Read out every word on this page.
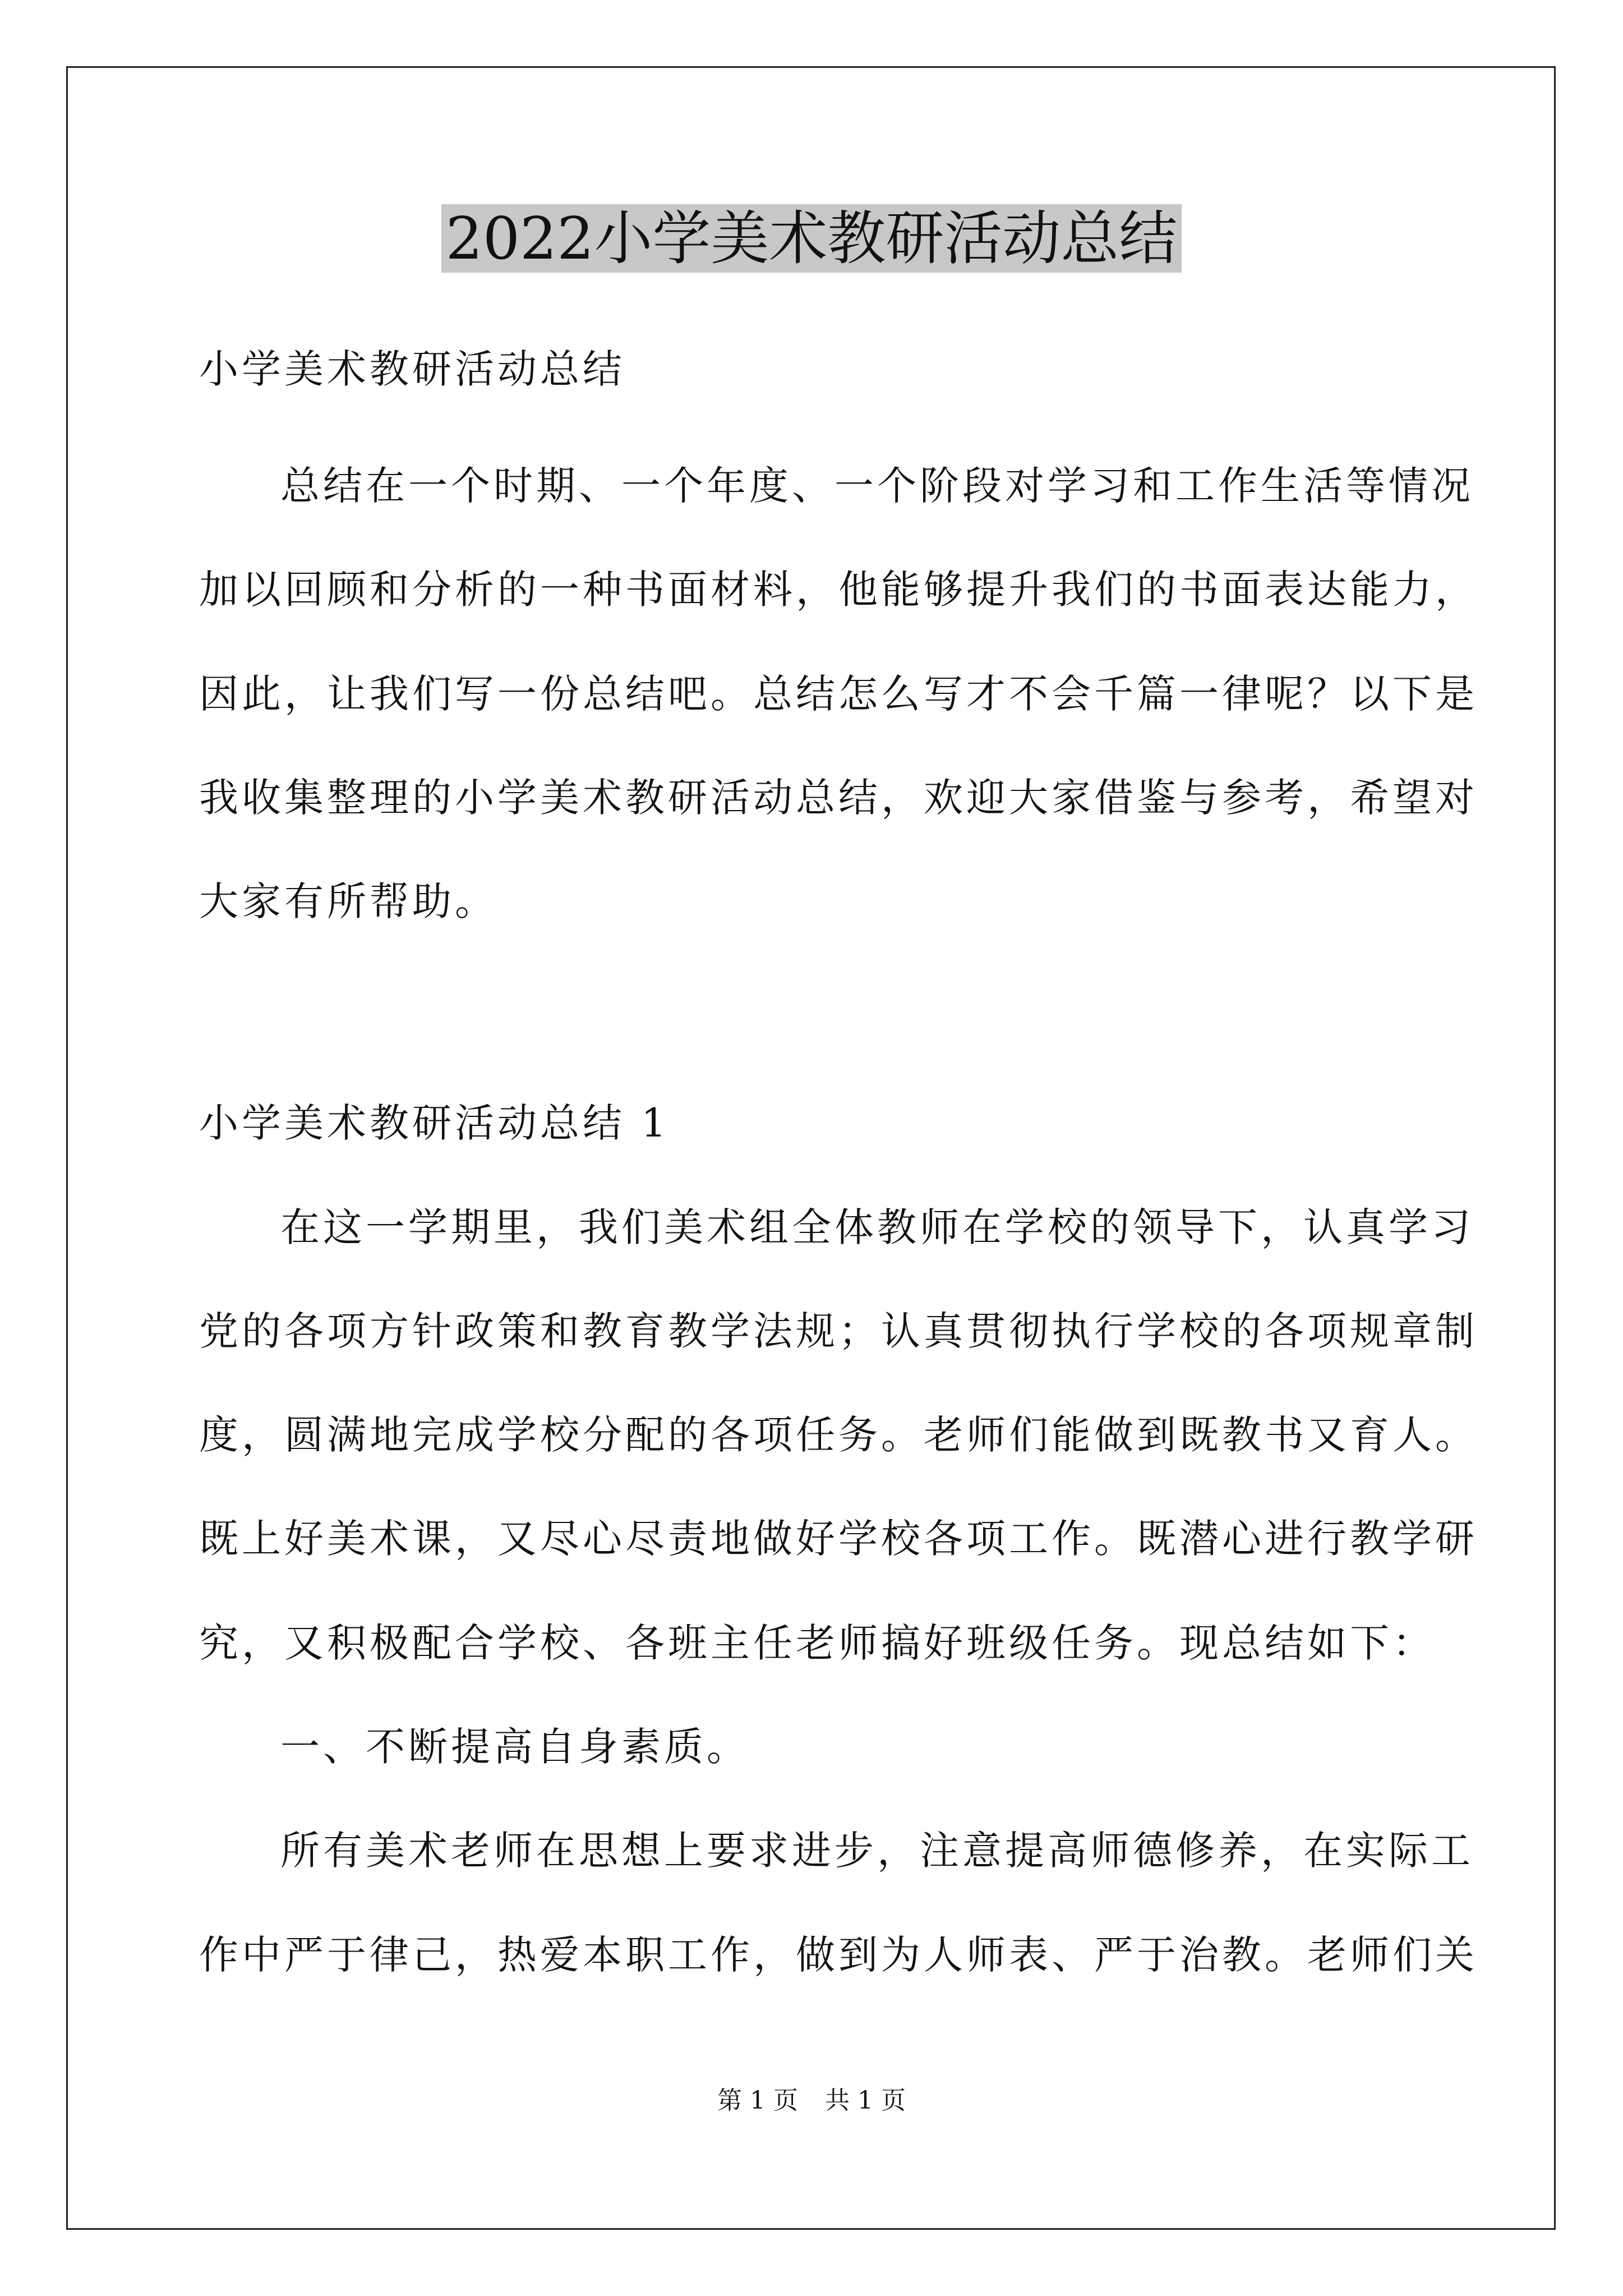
2022小学美术教研活动总结

小学美术教研活动总结

总结在一个时期、一个年度、一个阶段对学习和工作生活等情况

加以回顾和分析的一种书面材料，他能够提升我们的书面表达能力，

因此，让我们写一份总结吧。总结怎么写才不会千篇一律呢？以下是

我收集整理的小学美术教研活动总结，欢迎大家借鉴与参考，希望对

大家有所帮助。

小学美术教研活动总结 1

在这一学期里，我们美术组全体教师在学校的领导下，认真学习

党的各项方针政策和教育教学法规；认真贯彻执行学校的各项规章制

度，圆满地完成学校分配的各项任务。老师们能做到既教书又育人。

既上好美术课，又尽心尽责地做好学校各项工作。既潜心进行教学研

究，又积极配合学校、各班主任老师搞好班级任务。现总结如下：

一、不断提高自身素质。

所有美术老师在思想上要求进步，注意提高师德修养，在实际工

作中严于律己，热爱本职工作，做到为人师表、严于治教。老师们关

第 1 页 共 1 页
